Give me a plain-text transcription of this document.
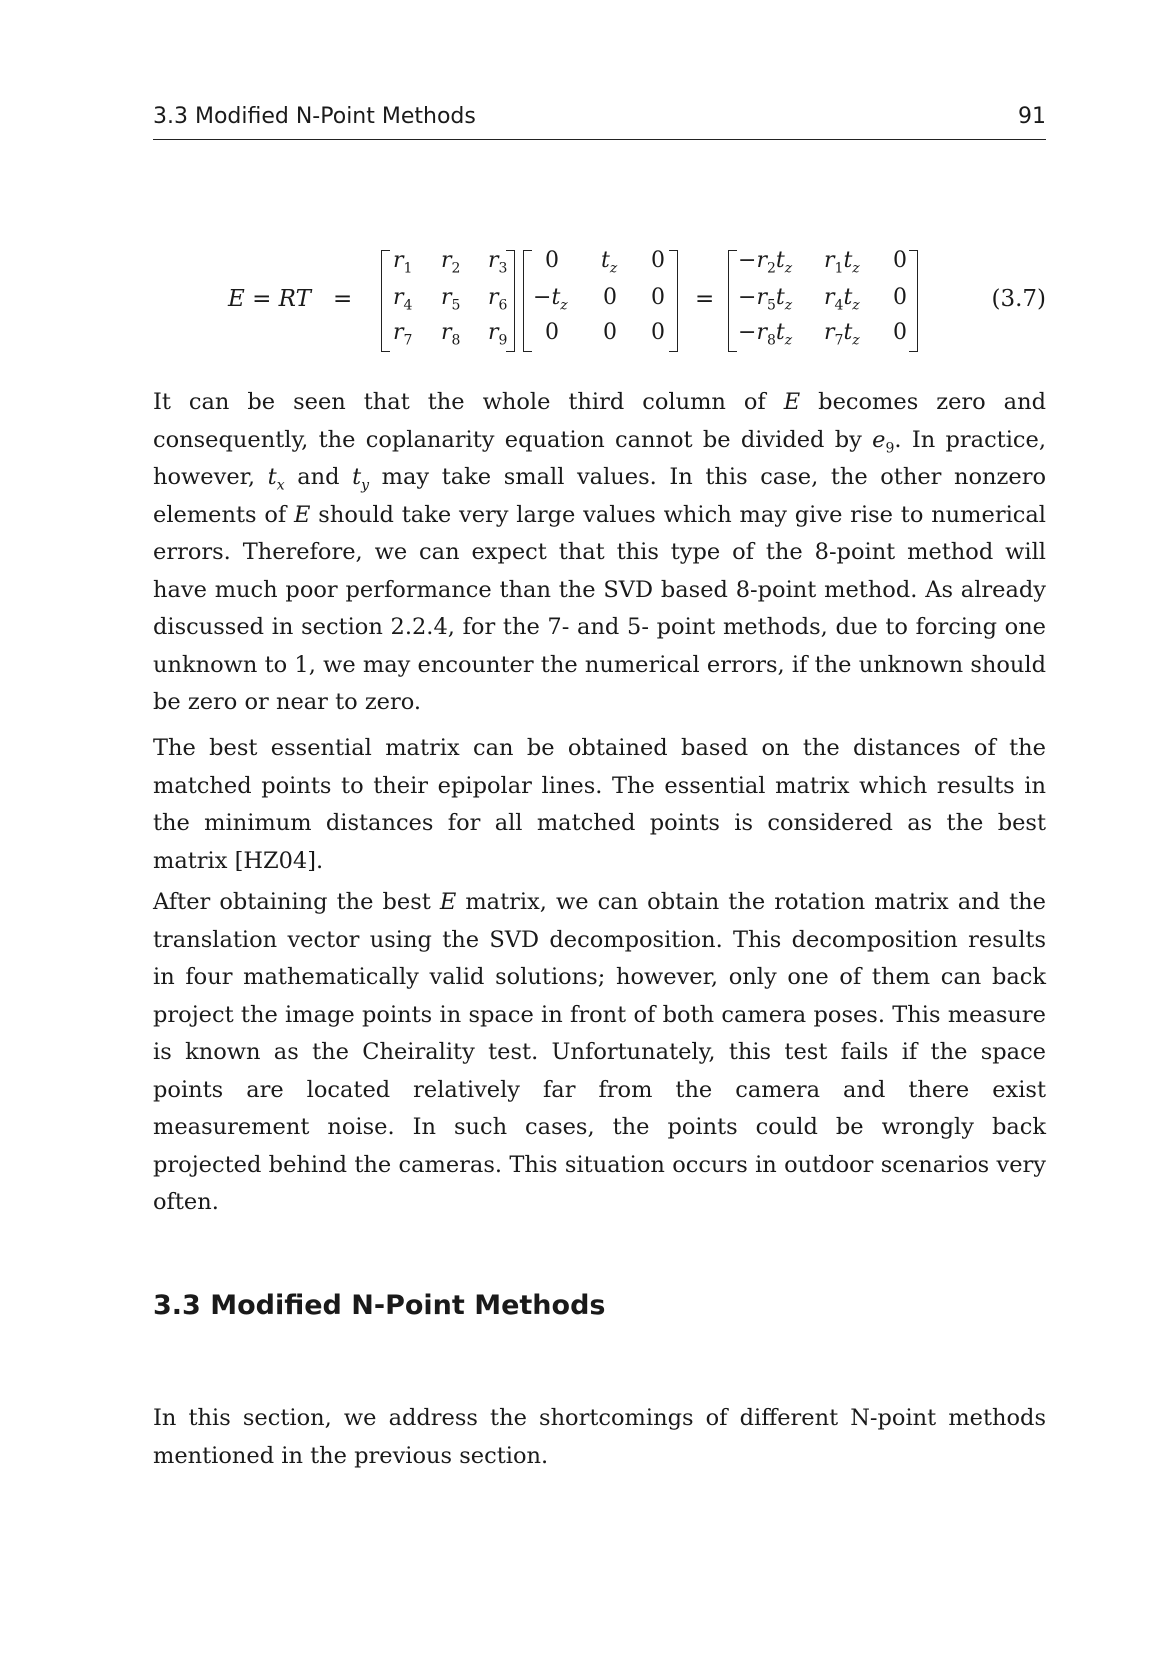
3.3 Modified N-Point Methods	91
E = RT =
$r_1$ $r_2$ $r_3$
$r_4$ $r_5$ $r_6$
$r_7$ $r_8$ $r_9$
0 $t_z$ 0
$-t_z$ 0 0
0 0 0
=
$-r_2t_z$ $r_1t_z$ 0
$-r_5t_z$ $r_4t_z$ 0
$-r_8t_z$ $r_7t_z$ 0
(3.7)

It can be seen that the whole third column of E becomes zero and consequently, the coplanarity equation cannot be divided by $e_9$. In practice, however, $t_x$ and $t_y$ may take small values. In this case, the other nonzero elements of E should take very large values which may give rise to numerical errors. Therefore, we can expect that this type of the 8-point method will have much poor performance than the SVD based 8-point method. As already discussed in section 2.2.4, for the 7- and 5- point methods, due to forcing one unknown to 1, we may encounter the numerical errors, if the unknown should be zero or near to zero.

The best essential matrix can be obtained based on the distances of the matched points to their epipolar lines. The essential matrix which results in the minimum distances for all matched points is considered as the best matrix [HZ04].

After obtaining the best E matrix, we can obtain the rotation matrix and the translation vector using the SVD decomposition. This decomposition results in four mathematically valid solutions; however, only one of them can back project the image points in space in front of both camera poses. This measure is known as the Cheirality test. Unfortunately, this test fails if the space points are located relatively far from the camera and there exist measurement noise. In such cases, the points could be wrongly back projected behind the cameras. This situation occurs in outdoor scenarios very often.

3.3 Modified N-Point Methods

In this section, we address the shortcomings of different N-point methods mentioned in the previous section.
